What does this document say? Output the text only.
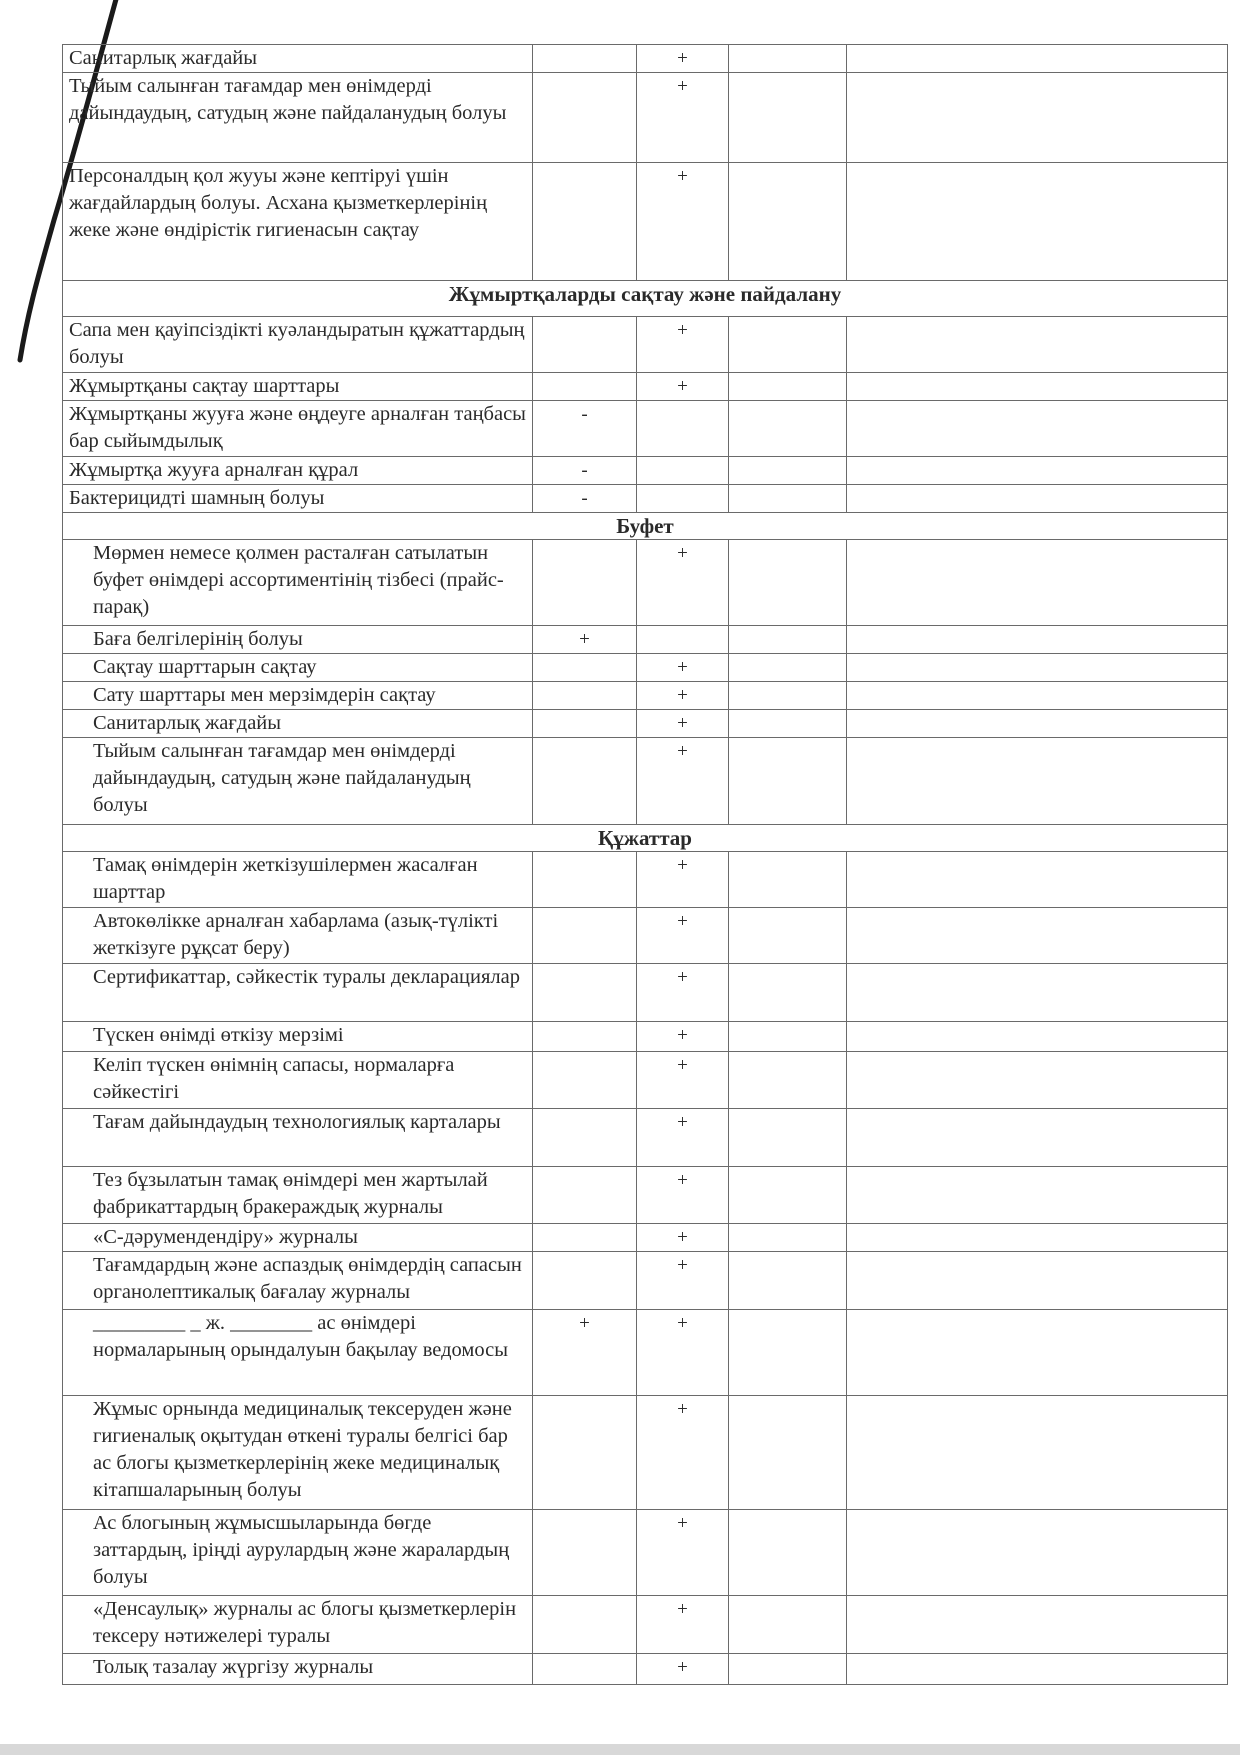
Санитарлық жағдайы		+		
Тыйым салынған тағамдар мен өнімдерді дайындаудың, сатудың және пайдаланудың болуы		+		
Персоналдың қол жууы және кептіруі үшін жағдайлардың болуы. Асхана қызметкерлерінің жеке және өндірістік гигиенасын сақтау		+		
Жұмыртқаларды сақтау және пайдалану				
Сапа мен қауіпсіздікті куәландыратын құжаттардың болуы		+		
Жұмыртқаны сақтау шарттары		+		
Жұмыртқаны жууға және өңдеуге арналған таңбасы бар сыйымдылық	-			
Жұмыртқа жууға арналған құрал	-			
Бактерицидті шамның болуы	-			
Буфет				
Мөрмен немесе қолмен расталған сатылатын буфет өнімдері ассортиментінің тізбесі (прайс-парақ)		+		
Баға белгілерінің болуы	+			
Сақтау шарттарын сақтау		+		
Сату шарттары мен мерзімдерін сақтау		+		
Санитарлық жағдайы		+		
Тыйым салынған тағамдар мен өнімдерді дайындаудың, сатудың және пайдаланудың болуы		+		
Құжаттар				
Тамақ өнімдерін жеткізушілермен жасалған шарттар		+		
Автокөлікке арналған хабарлама (азық-түлікті жеткізуге рұқсат беру)		+		
Сертификаттар, сәйкестік туралы декларациялар		+		
Түскен өнімді өткізу мерзімі		+		
Келіп түскен өнімнің сапасы, нормаларға сәйкестігі		+		
Тағам дайындаудың технологиялық карталары		+		
Тез бұзылатын тамақ өнімдері мен жартылай фабрикаттардың бракераждық журналы		+		
«С-дәрумендендіру» журналы		+		
Тағамдардың және аспаздық өнімдердің сапасын органолептикалық бағалау журналы		+		
_________ _ ж. ________ ас өнімдері нормаларының орындалуын бақылау ведомосы	+	+		
Жұмыс орнында медициналық тексеруден және гигиеналық оқытудан өткені туралы белгісі бар ас блогы қызметкерлерінің жеке медициналық кітапшаларының болуы		+		
Ас блогының жұмысшыларында бөгде заттардың, іріңді аурулардың және жаралардың болуы		+		
«Денсаулық» журналы ас блогы қызметкерлерін тексеру нәтижелері туралы		+		
Толық тазалау жүргізу журналы		+		
